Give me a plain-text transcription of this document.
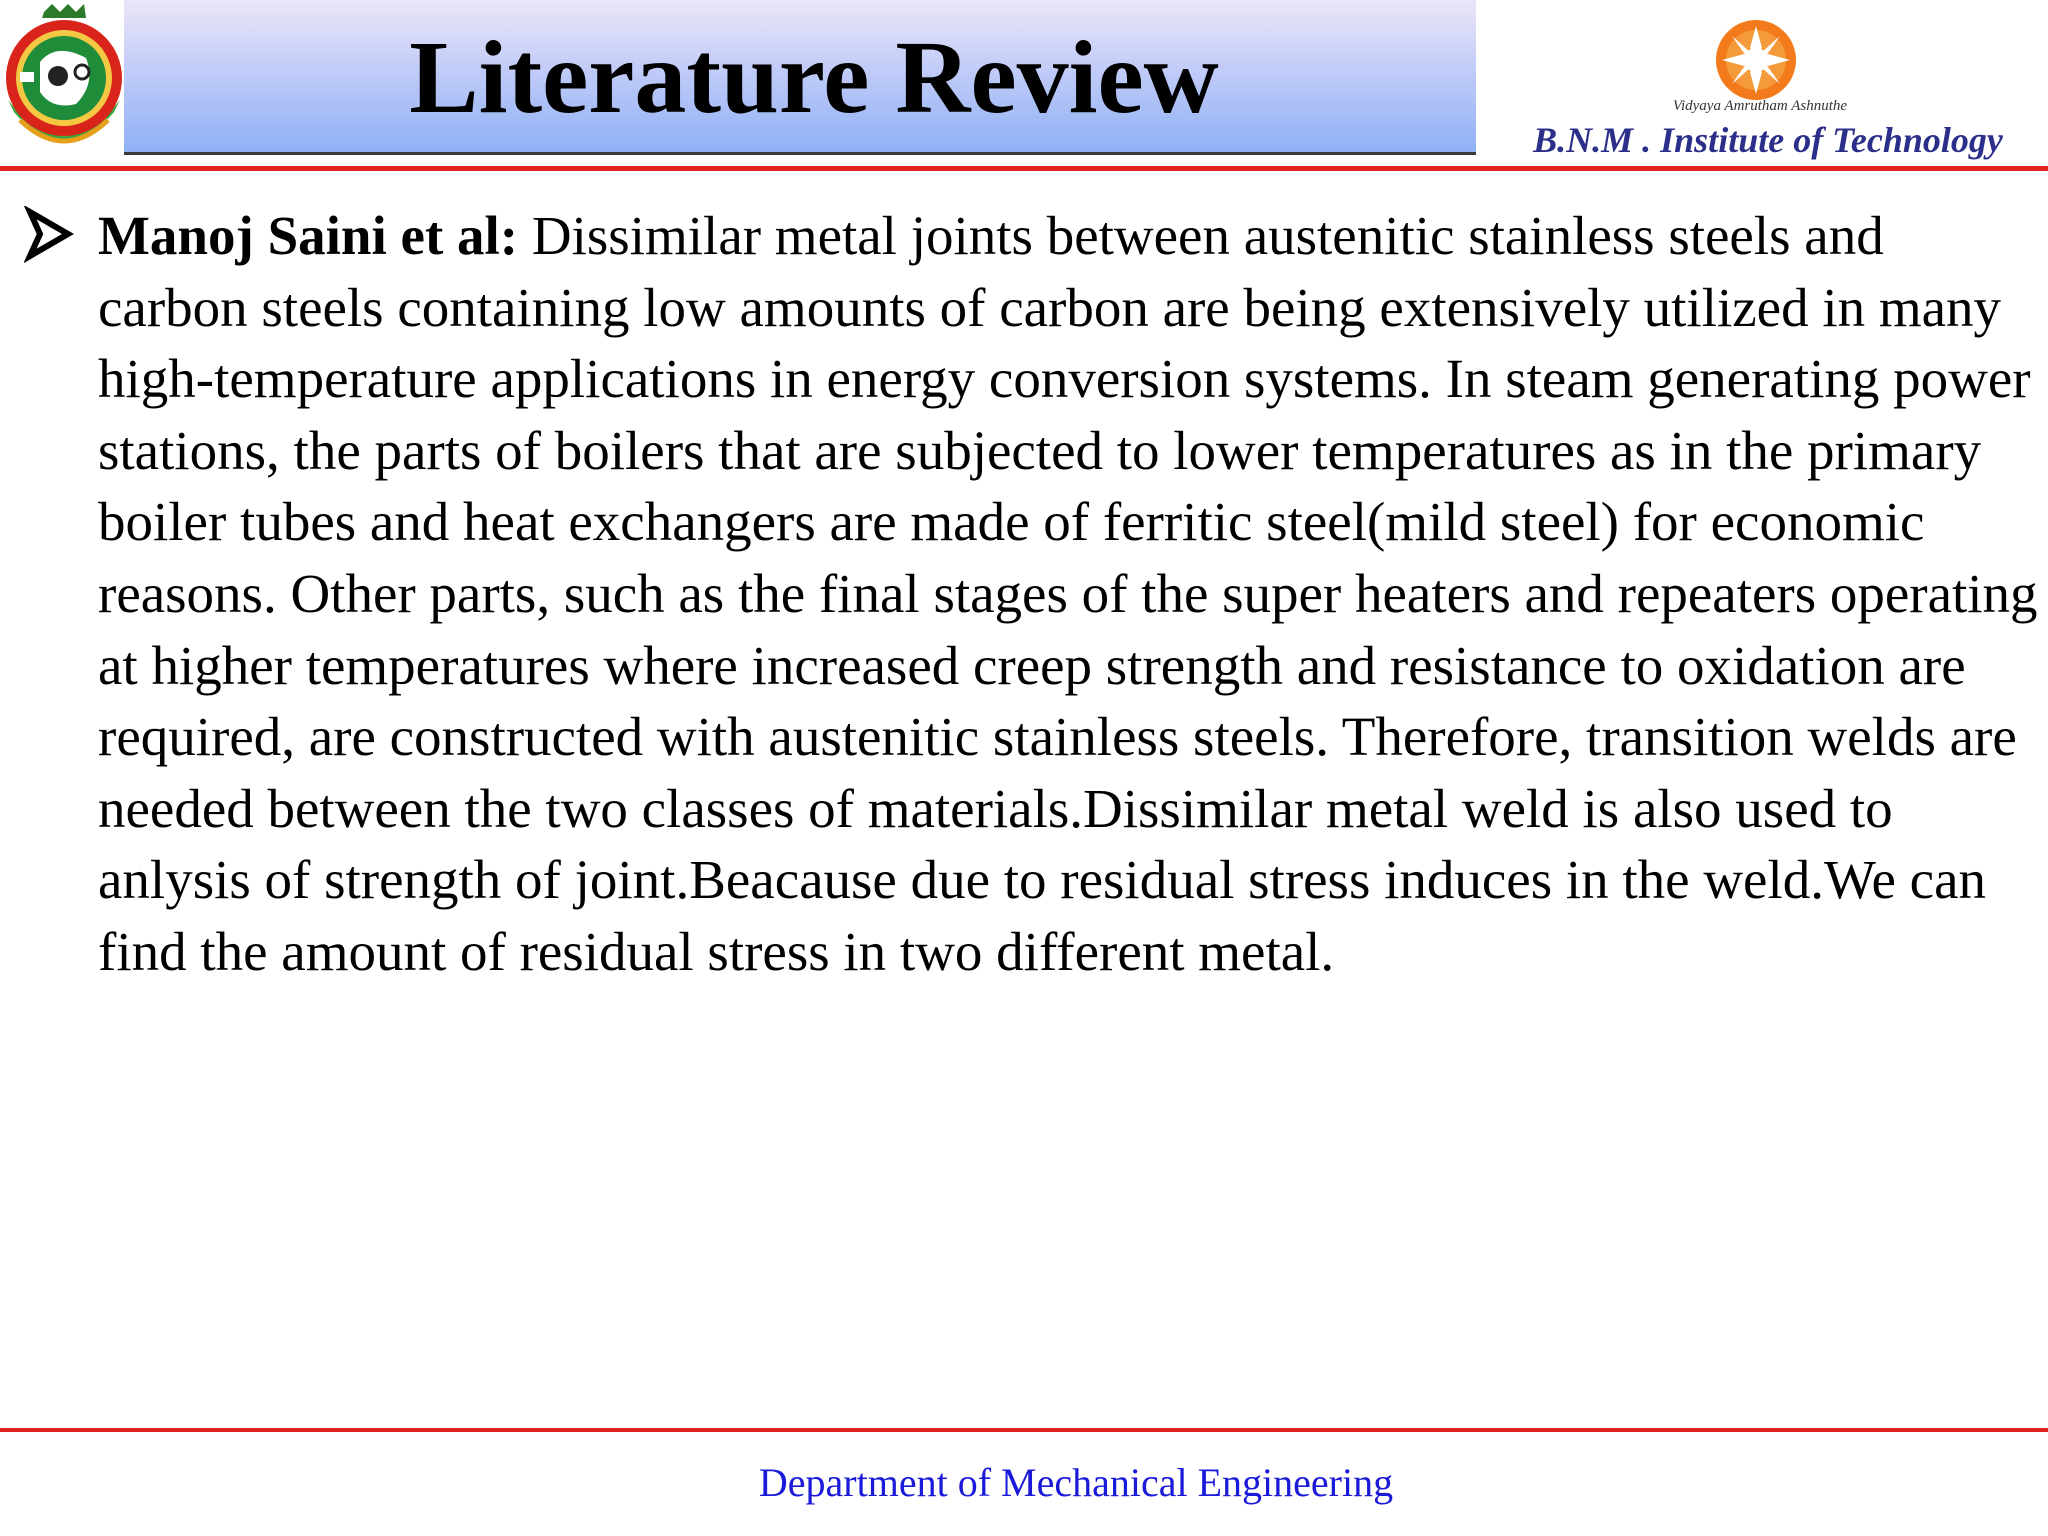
Literature Review	Vidyaya Amrutham Ashnuthe
B.N.M . Institute of Technology

Manoj Saini et al: Dissimilar metal joints between austenitic stainless steels and carbon steels containing low amounts of carbon are being extensively utilized in many high-temperature applications in energy conversion systems. In steam generating power stations, the parts of boilers that are subjected to lower temperatures as in the primary boiler tubes and heat exchangers are made of ferritic steel(mild steel) for economic reasons. Other parts, such as the final stages of the super heaters and repeaters operating at higher temperatures where increased creep strength and resistance to oxidation are required, are constructed with austenitic stainless steels. Therefore, transition welds are needed between the two classes of materials.Dissimilar metal weld is also used to anlysis of strength of joint.Beacause due to residual stress induces in the weld.We can find the amount of residual stress in two different metal.

Department of Mechanical Engineering
